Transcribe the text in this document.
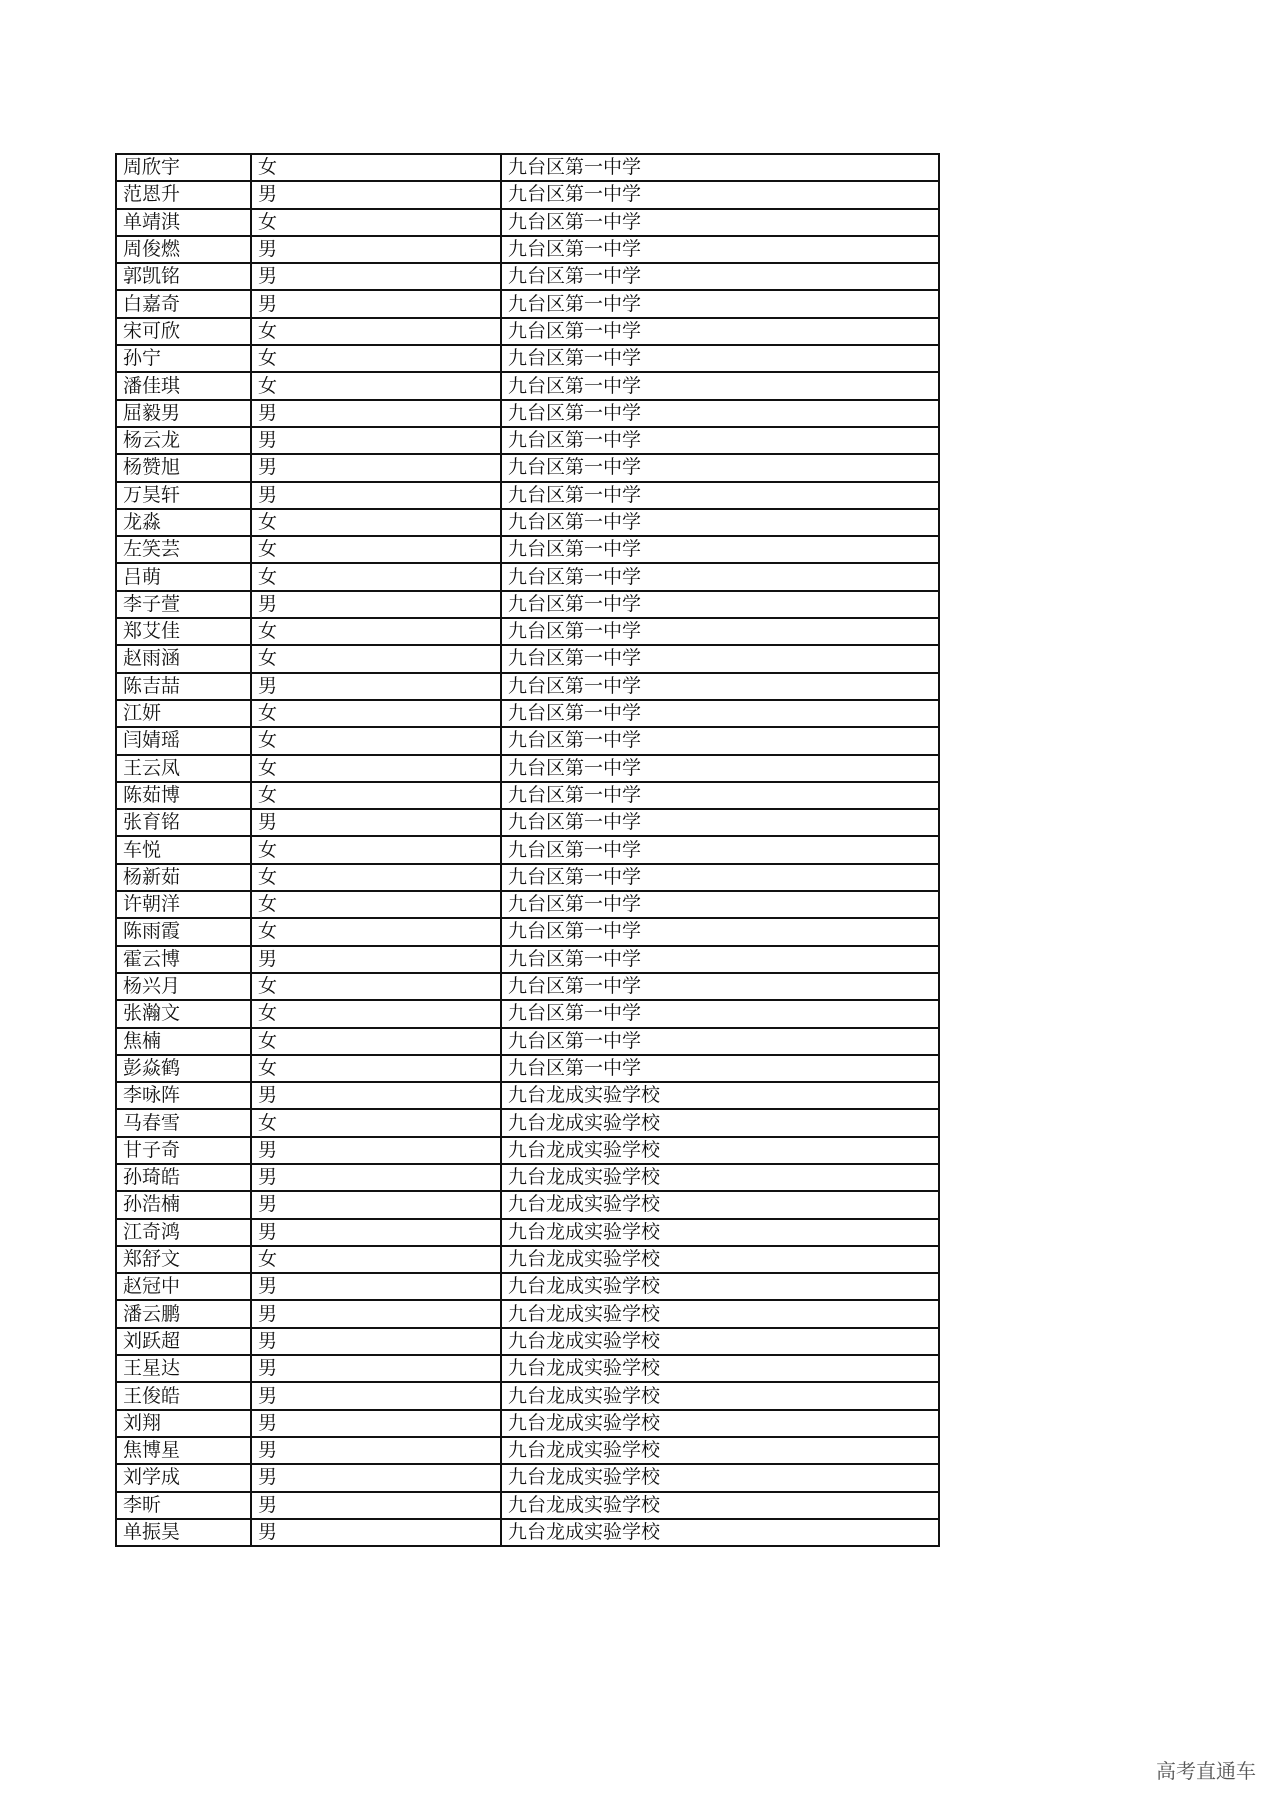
周欣宇	女	九台区第一中学
范恩升	男	九台区第一中学
单靖淇	女	九台区第一中学
周俊燃	男	九台区第一中学
郭凯铭	男	九台区第一中学
白嘉奇	男	九台区第一中学
宋可欣	女	九台区第一中学
孙宁	女	九台区第一中学
潘佳琪	女	九台区第一中学
屈毅男	男	九台区第一中学
杨云龙	男	九台区第一中学
杨赞旭	男	九台区第一中学
万昊轩	男	九台区第一中学
龙淼	女	九台区第一中学
左笑芸	女	九台区第一中学
吕萌	女	九台区第一中学
李子萱	男	九台区第一中学
郑艾佳	女	九台区第一中学
赵雨涵	女	九台区第一中学
陈吉喆	男	九台区第一中学
江妍	女	九台区第一中学
闫婧瑶	女	九台区第一中学
王云凤	女	九台区第一中学
陈茹博	女	九台区第一中学
张育铭	男	九台区第一中学
车悦	女	九台区第一中学
杨新茹	女	九台区第一中学
许朝洋	女	九台区第一中学
陈雨霞	女	九台区第一中学
霍云博	男	九台区第一中学
杨兴月	女	九台区第一中学
张瀚文	女	九台区第一中学
焦楠	女	九台区第一中学
彭焱鹤	女	九台区第一中学
李咏阵	男	九台龙成实验学校
马春雪	女	九台龙成实验学校
甘子奇	男	九台龙成实验学校
孙琦皓	男	九台龙成实验学校
孙浩楠	男	九台龙成实验学校
江奇鸿	男	九台龙成实验学校
郑舒文	女	九台龙成实验学校
赵冠中	男	九台龙成实验学校
潘云鹏	男	九台龙成实验学校
刘跃超	男	九台龙成实验学校
王星达	男	九台龙成实验学校
王俊皓	男	九台龙成实验学校
刘翔	男	九台龙成实验学校
焦博星	男	九台龙成实验学校
刘学成	男	九台龙成实验学校
李昕	男	九台龙成实验学校
单振昊	男	九台龙成实验学校
高考直通车
